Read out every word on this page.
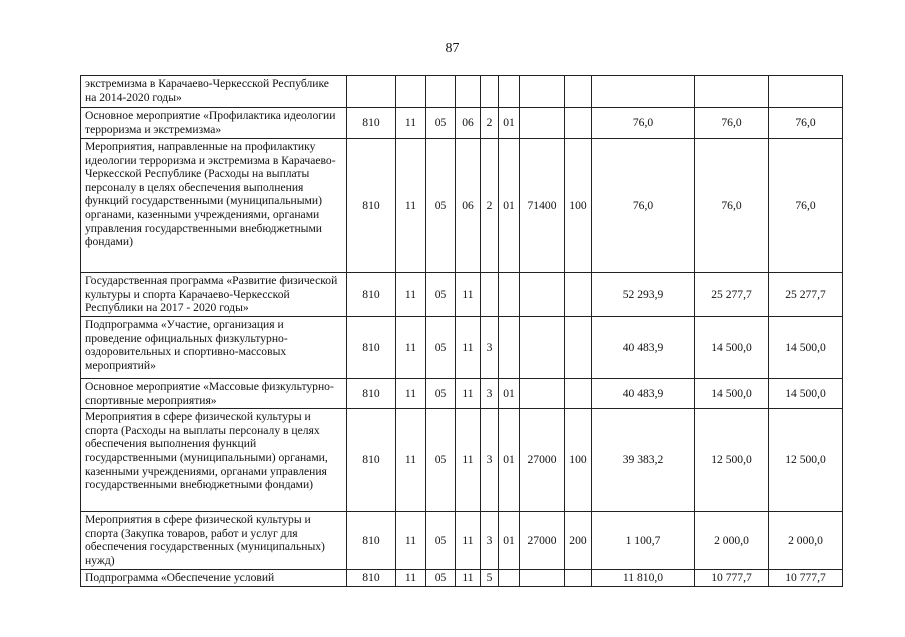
87
экстремизма в Карачаево-Черкесской Республике на 2014-2020 годы»											
Основное мероприятие «Профилактика идеологии терроризма и экстремизма»	810	11	05	06	2	01			76,0	76,0	76,0
Мероприятия, направленные на профилактику идеологии терроризма и экстремизма в Карачаево-Черкесской Республике (Расходы на выплаты персоналу в целях обеспечения выполнения функций государственными (муниципальными) органами, казенными учреждениями, органами управления государственными внебюджетными фондами)	810	11	05	06	2	01	71400	100	76,0	76,0	76,0
Государственная программа «Развитие физической культуры и спорта Карачаево-Черкесской Республики на 2017 - 2020 годы»	810	11	05	11					52 293,9	25 277,7	25 277,7
Подпрограмма «Участие, организация и проведение официальных физкультурно-оздоровительных и спортивно-массовых мероприятий»	810	11	05	11	3				40 483,9	14 500,0	14 500,0
Основное мероприятие «Массовые физкультурно-спортивные мероприятия»	810	11	05	11	3	01			40 483,9	14 500,0	14 500,0
Мероприятия в сфере физической культуры и спорта (Расходы на выплаты персоналу в целях обеспечения выполнения функций государственными (муниципальными) органами, казенными учреждениями, органами управления государственными внебюджетными фондами)	810	11	05	11	3	01	27000	100	39 383,2	12 500,0	12 500,0
Мероприятия в сфере физической культуры и спорта (Закупка товаров, работ и услуг для обеспечения государственных (муниципальных) нужд)	810	11	05	11	3	01	27000	200	1 100,7	2 000,0	2 000,0
Подпрограмма «Обеспечение условий	810	11	05	11	5				11 810,0	10 777,7	10 777,7
